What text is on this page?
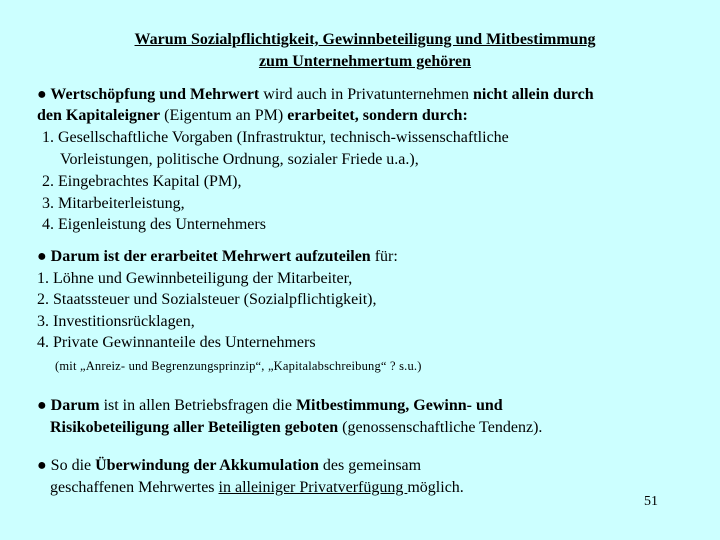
Warum Sozialpflichtigkeit, Gewinnbeteiligung und Mitbestimmung
zum Unternehmertum gehören
● Wertschöpfung und Mehrwert wird auch in Privatunternehmen nicht allein durch
den Kapitaleigner (Eigentum an PM) erarbeitet, sondern durch:
1. Gesellschaftliche Vorgaben (Infrastruktur, technisch-wissenschaftliche
Vorleistungen, politische Ordnung, sozialer Friede u.a.),
2. Eingebrachtes Kapital (PM),
3. Mitarbeiterleistung,
4. Eigenleistung des Unternehmers
● Darum ist der erarbeitet Mehrwert aufzuteilen für:
1. Löhne und Gewinnbeteiligung der Mitarbeiter,
2. Staatssteuer und Sozialsteuer (Sozialpflichtigkeit),
3. Investitionsrücklagen,
4. Private Gewinnanteile des Unternehmers
(mit „Anreiz- und Begrenzungsprinzip“, „Kapitalabschreibung“ ? s.u.)
● Darum ist in allen Betriebsfragen die Mitbestimmung, Gewinn- und
Risikobeteiligung aller Beteiligten geboten (genossenschaftliche Tendenz).
● So die Überwindung der Akkumulation des gemeinsam
geschaffenen Mehrwertes in alleiniger Privatverfügung möglich.
51
